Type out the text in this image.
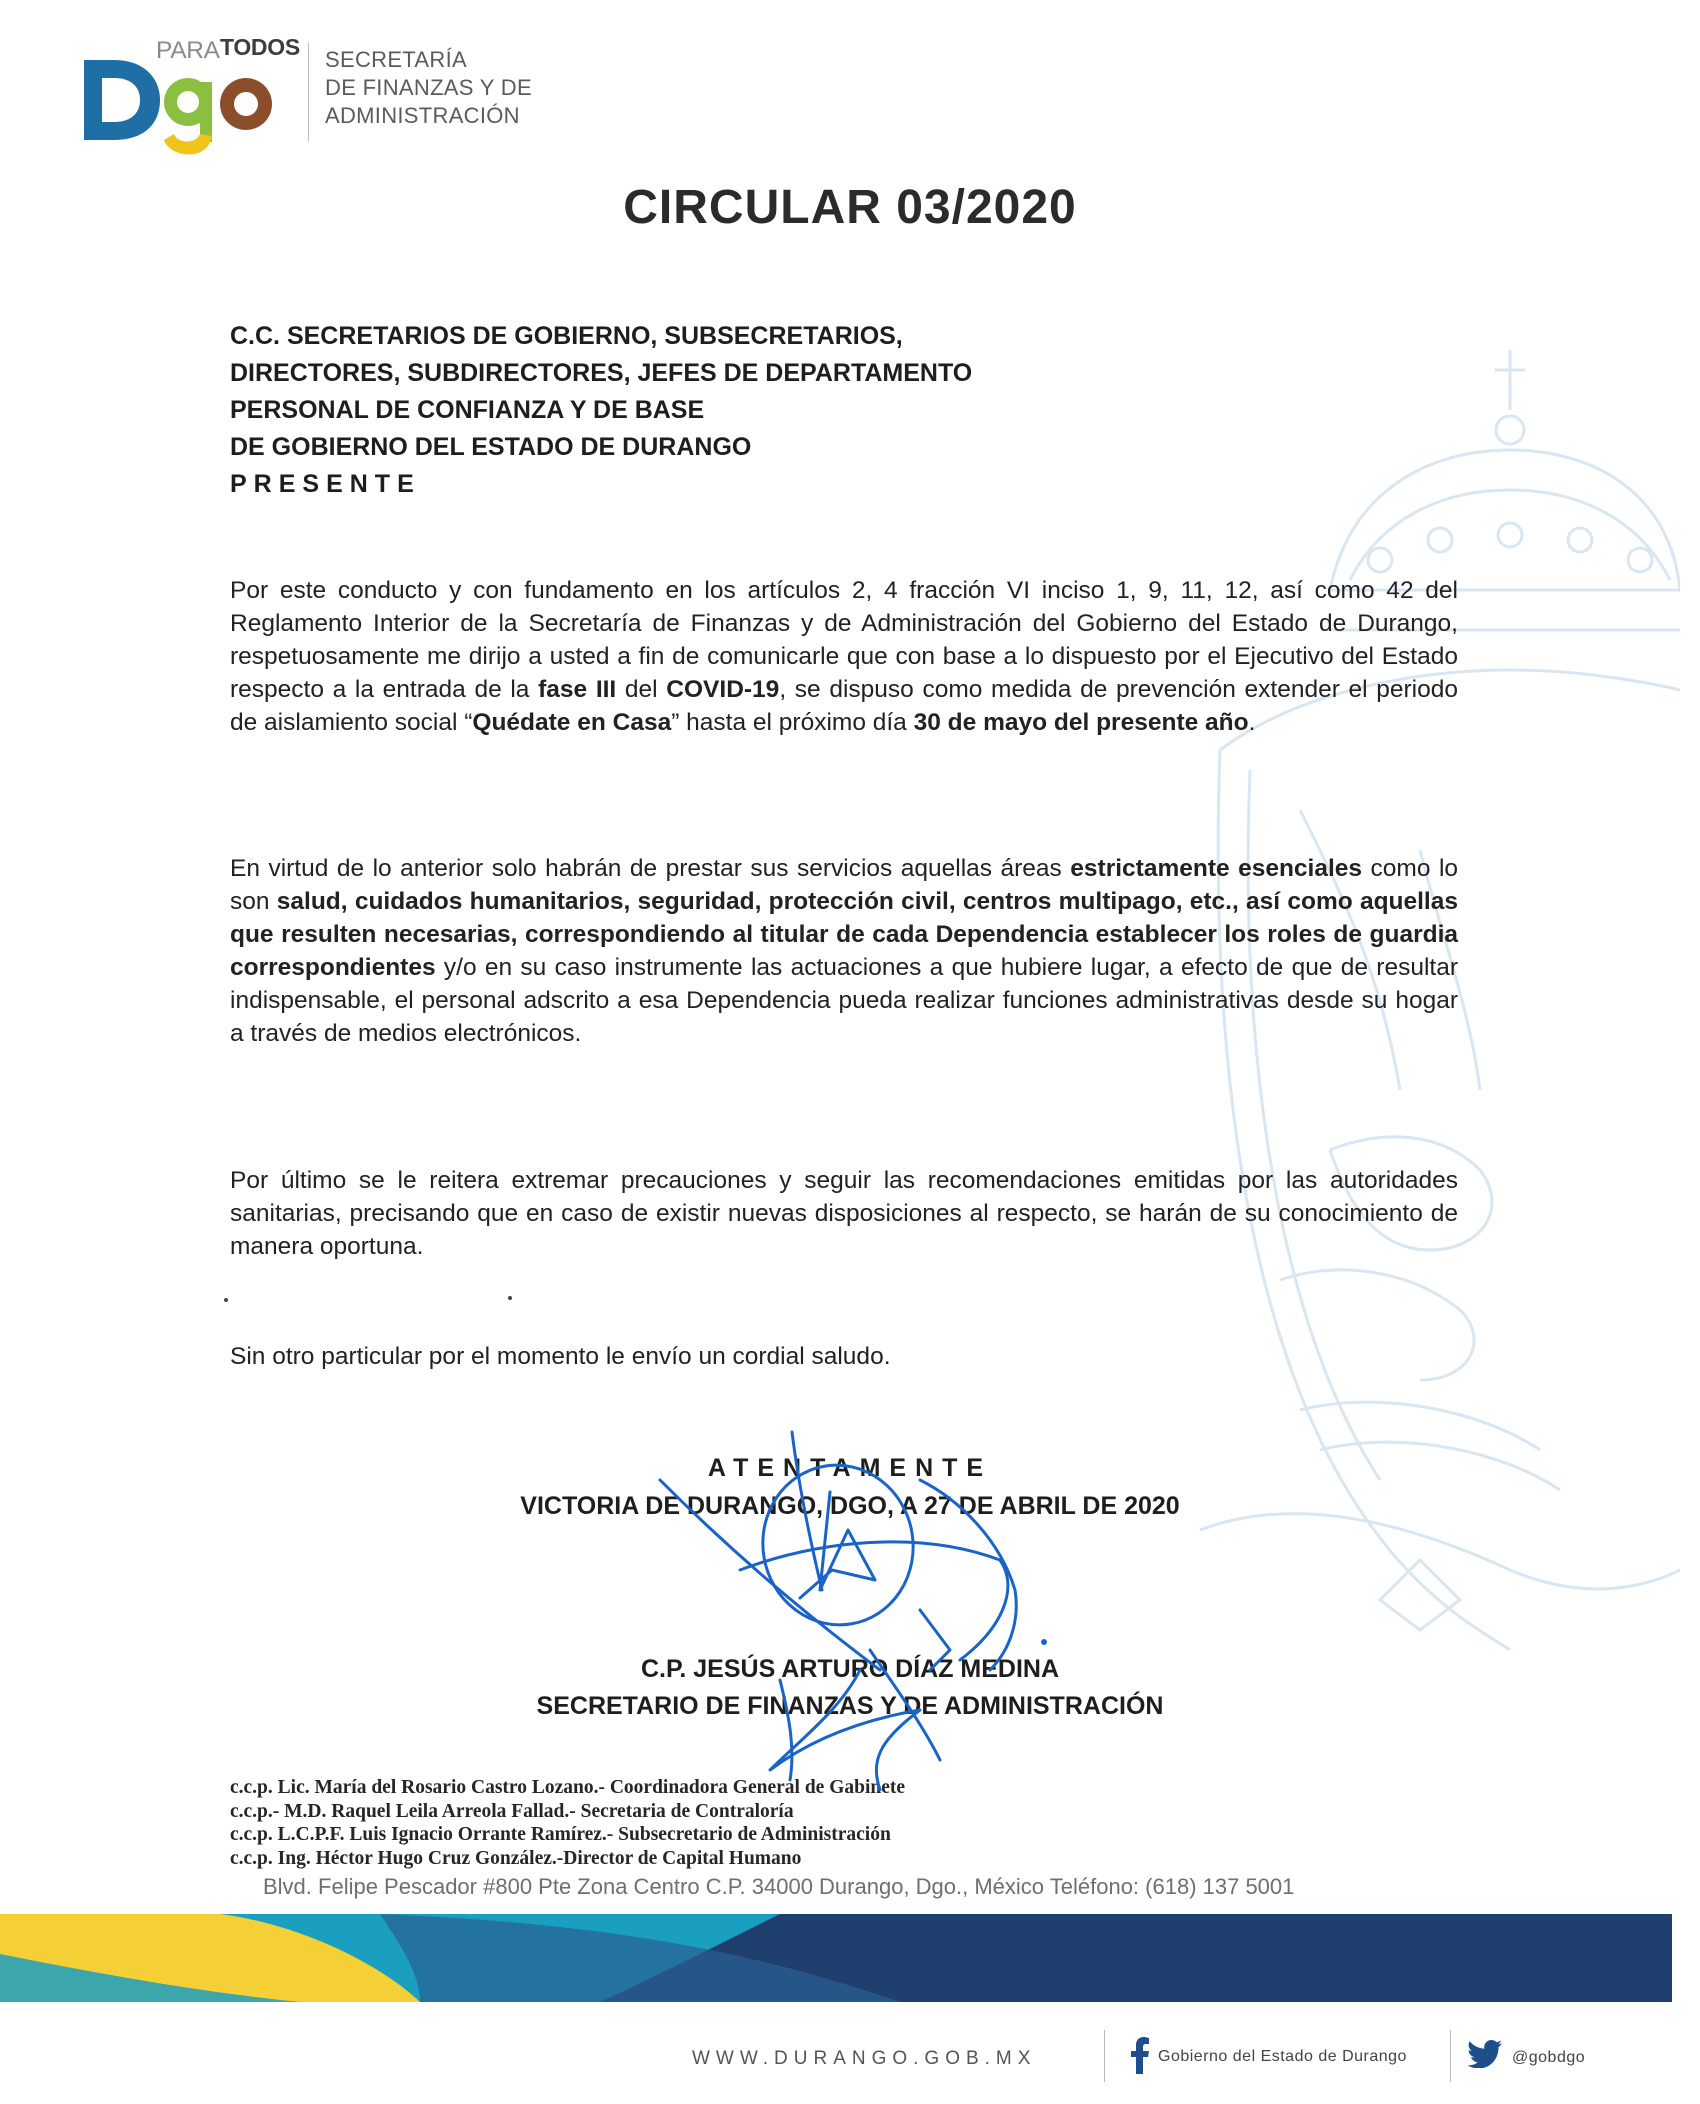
PARA TODOS SECRETARÍA
DE FINANZAS Y DE
ADMINISTRACIÓN
CIRCULAR 03/2020
C.C. SECRETARIOS DE GOBIERNO, SUBSECRETARIOS,
DIRECTORES, SUBDIRECTORES, JEFES DE DEPARTAMENTO
PERSONAL DE CONFIANZA Y DE BASE
DE GOBIERNO DEL ESTADO DE DURANGO
PRESENTE
Por este conducto y con fundamento en los artículos 2, 4 fracción VI inciso 1, 9, 11, 12, así como 42 del Reglamento Interior de la Secretaría de Finanzas y de Administración del Gobierno del Estado de Durango, respetuosamente me dirijo a usted a fin de comunicarle que con base a lo dispuesto por el Ejecutivo del Estado respecto a la entrada de la fase III del COVID-19, se dispuso como medida de prevención extender el periodo de aislamiento social “Quédate en Casa” hasta el próximo día 30 de mayo del presente año.
En virtud de lo anterior solo habrán de prestar sus servicios aquellas áreas estrictamente esenciales como lo son salud, cuidados humanitarios, seguridad, protección civil, centros multipago, etc., así como aquellas que resulten necesarias, correspondiendo al titular de cada Dependencia establecer los roles de guardia correspondientes y/o en su caso instrumente las actuaciones a que hubiere lugar, a efecto de que de resultar indispensable, el personal adscrito a esa Dependencia pueda realizar funciones administrativas desde su hogar a través de medios electrónicos.
Por último se le reitera extremar precauciones y seguir las recomendaciones emitidas por las autoridades sanitarias, precisando que en caso de existir nuevas disposiciones al respecto, se harán de su conocimiento de manera oportuna.
Sin otro particular por el momento le envío un cordial saludo.
ATENTAMENTE
VICTORIA DE DURANGO, DGO, A 27 DE ABRIL DE 2020
C.P. JESÚS ARTURO DÍAZ MEDINA
SECRETARIO DE FINANZAS Y DE ADMINISTRACIÓN
c.c.p. Lic. María del Rosario Castro Lozano.- Coordinadora General de Gabinete
c.c.p.- M.D. Raquel Leila Arreola Fallad.- Secretaria de Contraloría
c.c.p. L.C.P.F. Luis Ignacio Orrante Ramírez.- Subsecretario de Administración
c.c.p. Ing. Héctor Hugo Cruz González.-Director de Capital Humano
Blvd. Felipe Pescador #800 Pte Zona Centro C.P. 34000 Durango, Dgo., México Teléfono: (618) 137 5001
WWW.DURANGO.GOB.MX	Gobierno del Estado de Durango	@gobdgo
